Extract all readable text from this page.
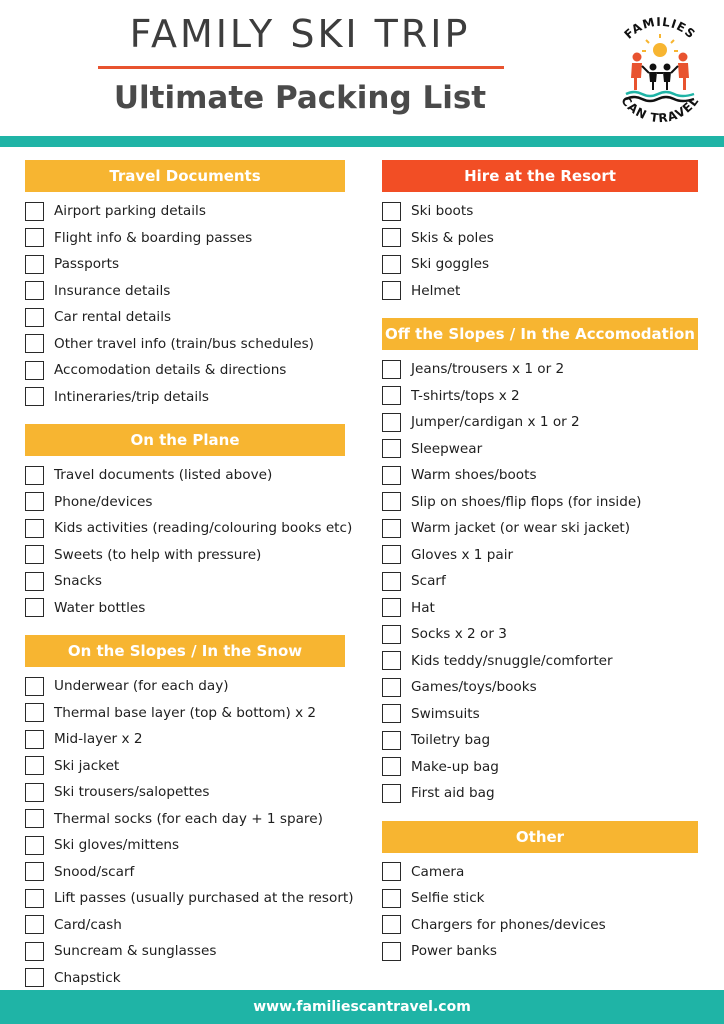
FAMILY SKI TRIP
Ultimate Packing List
FAMILIES
CAN TRAVEL
Travel Documents
Airport parking details
Flight info & boarding passes
Passports
Insurance details
Car rental details
Other travel info (train/bus schedules)
Accomodation details & directions
Intineraries/trip details
On the Plane
Travel documents (listed above)
Phone/devices
Kids activities (reading/colouring books etc)
Sweets (to help with pressure)
Snacks
Water bottles
On the Slopes / In the Snow
Underwear (for each day)
Thermal base layer (top & bottom) x 2
Mid-layer x 2
Ski jacket
Ski trousers/salopettes
Thermal socks (for each day + 1 spare)
Ski gloves/mittens
Snood/scarf
Lift passes (usually purchased at the resort)
Card/cash
Suncream & sunglasses
Chapstick
Hire at the Resort
Ski boots
Skis & poles
Ski goggles
Helmet
Off the Slopes / In the Accomodation
Jeans/trousers x 1 or 2
T-shirts/tops x 2
Jumper/cardigan x 1 or 2
Sleepwear
Warm shoes/boots
Slip on shoes/flip flops (for inside)
Warm jacket (or wear ski jacket)
Gloves x 1 pair
Scarf
Hat
Socks x 2 or 3
Kids teddy/snuggle/comforter
Games/toys/books
Swimsuits
Toiletry bag
Make-up bag
First aid bag
Other
Camera
Selfie stick
Chargers for phones/devices
Power banks
www.familiescantravel.com
